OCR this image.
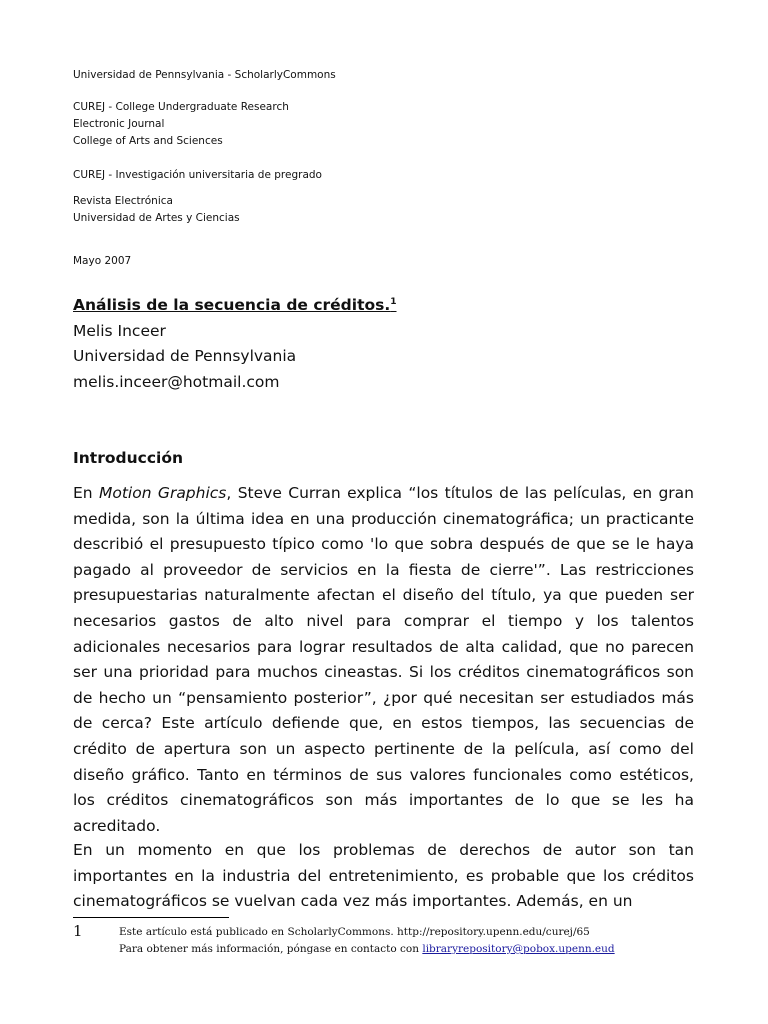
Universidad de Pennsylvania - ScholarlyCommons

CUREJ - College Undergraduate Research
Electronic Journal
College of Arts and Sciences

CUREJ - Investigación universitaria de pregrado

Revista Electrónica
Universidad de Artes y Ciencias

Mayo 2007

Análisis de la secuencia de créditos.$^1$
Melis Inceer
Universidad de Pennsylvania
melis.inceer@hotmail.com

Introducción

En Motion Graphics, Steve Curran explica “los títulos de las películas, en gran medida, son la última idea en una producción cinematográfica; un practicante describió el presupuesto típico como 'lo que sobra después de que se le haya pagado al proveedor de servicios en la fiesta de cierre'”. Las restricciones presupuestarias naturalmente afectan el diseño del título, ya que pueden ser necesarios gastos de alto nivel para comprar el tiempo y los talentos adicionales necesarios para lograr resultados de alta calidad, que no parecen ser una prioridad para muchos cineastas. Si los créditos cinematográficos son de hecho un “pensamiento posterior”, ¿por qué necesitan ser estudiados más de cerca? Este artículo defiende que, en estos tiempos, las secuencias de crédito de apertura son un aspecto pertinente de la película, así como del diseño gráfico. Tanto en términos de sus valores funcionales como estéticos, los créditos cinematográficos son más importantes de lo que se les ha acreditado.

En un momento en que los problemas de derechos de autor son tan importantes en la industria del entretenimiento, es probable que los créditos cinematográficos se vuelvan cada vez más importantes. Además, en un

1	Este artículo está publicado en ScholarlyCommons. http://repository.upenn.edu/curej/65
Para obtener más información, póngase en contacto con libraryrepository@pobox.upenn.eud
